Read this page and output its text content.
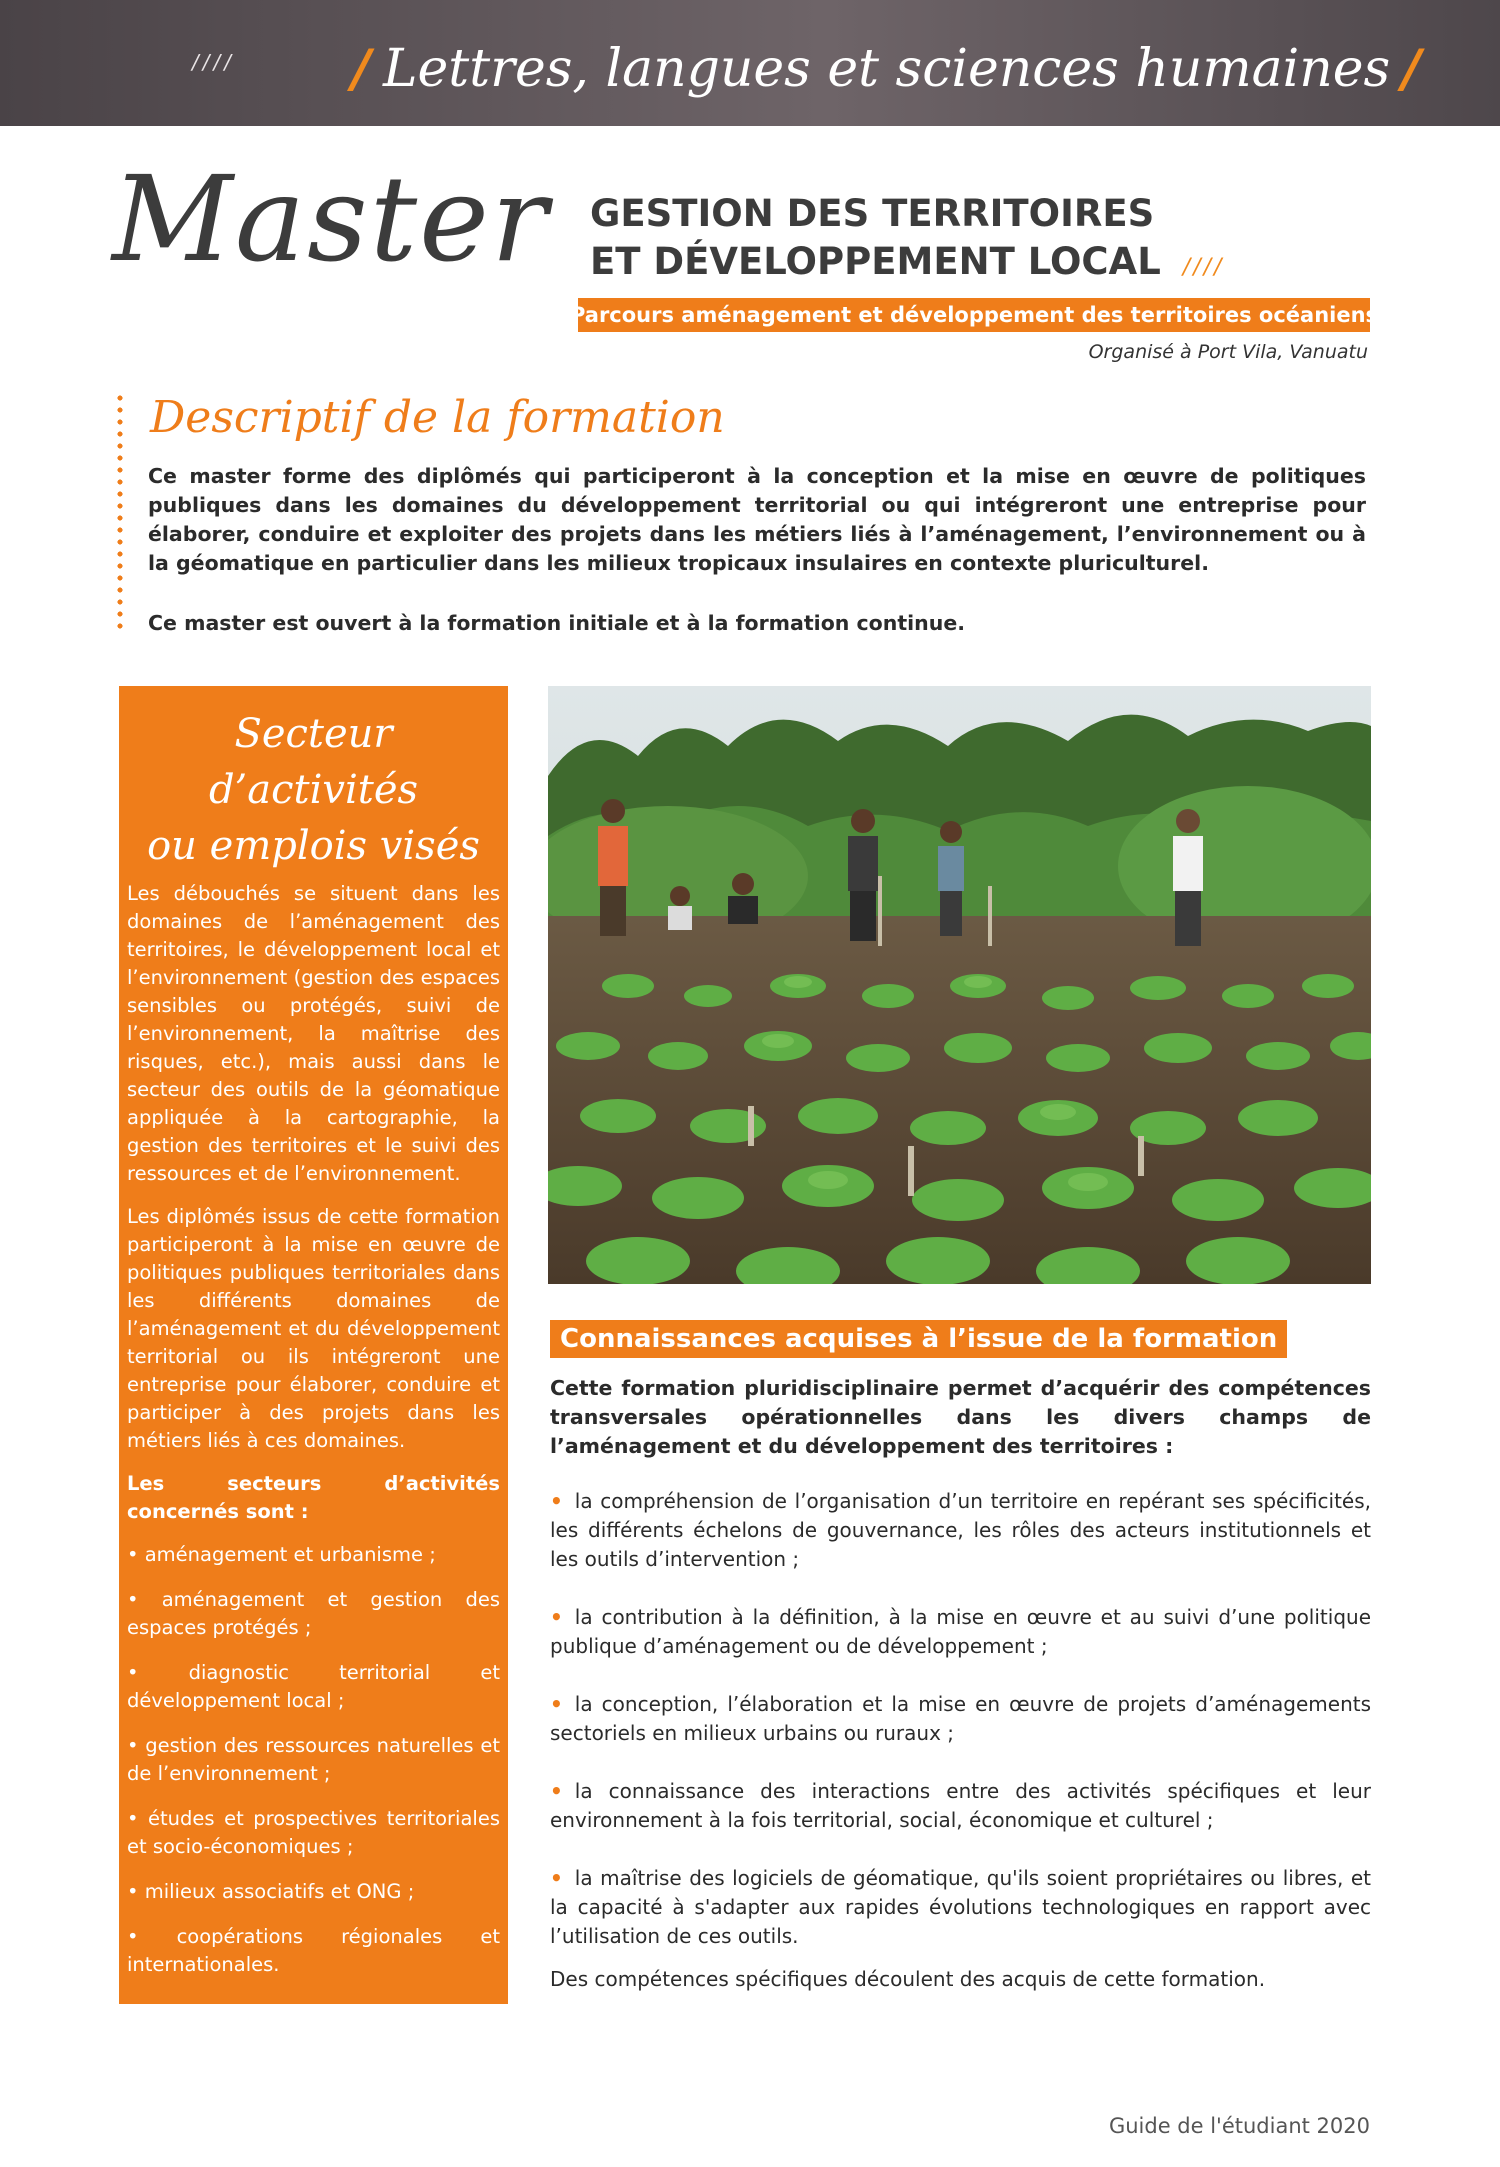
//// / Lettres, langues et sciences humaines /
Master GESTION DES TERRITOIRES
ET DÉVELOPPEMENT LOCAL ////
Parcours aménagement et développement des territoires océaniens
Organisé à Port Vila, Vanuatu
Descriptif de la formation

Ce master forme des diplômés qui participeront à la conception et la mise en œuvre de politiques publiques dans les domaines du développement territorial ou qui intégreront une entreprise pour élaborer, conduire et exploiter des projets dans les métiers liés à l’aménagement, l’environnement ou à la géomatique en particulier dans les milieux tropicaux insulaires en contexte pluriculturel.

Ce master est ouvert à la formation initiale et à la formation continue.

Secteur d’activités
ou emplois visés

Les débouchés se situent dans les domaines de l’aménagement des territoires, le développement local et l’environnement (gestion des espaces sensibles ou protégés, suivi de l’environnement, la maîtrise des risques, etc.), mais aussi dans le secteur des outils de la géomatique appliquée à la cartographie, la gestion des territoires et le suivi des ressources et de l’environnement.

Les diplômés issus de cette formation participeront à la mise en œuvre de politiques publiques territoriales dans les différents domaines de l’aménagement et du développement territorial ou ils intégreront une entreprise pour élaborer, conduire et participer à des projets dans les métiers liés à ces domaines.

Les secteurs d’activités concernés sont :

• aménagement et urbanisme ;
• aménagement et gestion des espaces protégés ;
• diagnostic territorial et développement local ;
• gestion des ressources naturelles et de l’environnement ;
• études et prospectives territoriales et socio-économiques ;
• milieux associatifs et ONG ;
• coopérations régionales et internationales.
Connaissances acquises à l’issue de la formation

Cette formation pluridisciplinaire permet d’acquérir des compétences transversales opérationnelles dans les divers champs de l’aménagement et du développement des territoires :

• la compréhension de l’organisation d’un territoire en repérant ses spécificités, les différents échelons de gouvernance, les rôles des acteurs institutionnels et les outils d’intervention ;
• la contribution à la définition, à la mise en œuvre et au suivi d’une politique publique d’aménagement ou de développement ;
• la conception, l’élaboration et la mise en œuvre de projets d’aménagements sectoriels en milieux urbains ou ruraux ;
• la connaissance des interactions entre des activités spécifiques et leur environnement à la fois territorial, social, économique et culturel ;
• la maîtrise des logiciels de géomatique, qu'ils soient propriétaires ou libres, et la capacité à s'adapter aux rapides évolutions technologiques en rapport avec l’utilisation de ces outils.
Des compétences spécifiques découlent des acquis de cette formation.
Guide de l'étudiant 2020
